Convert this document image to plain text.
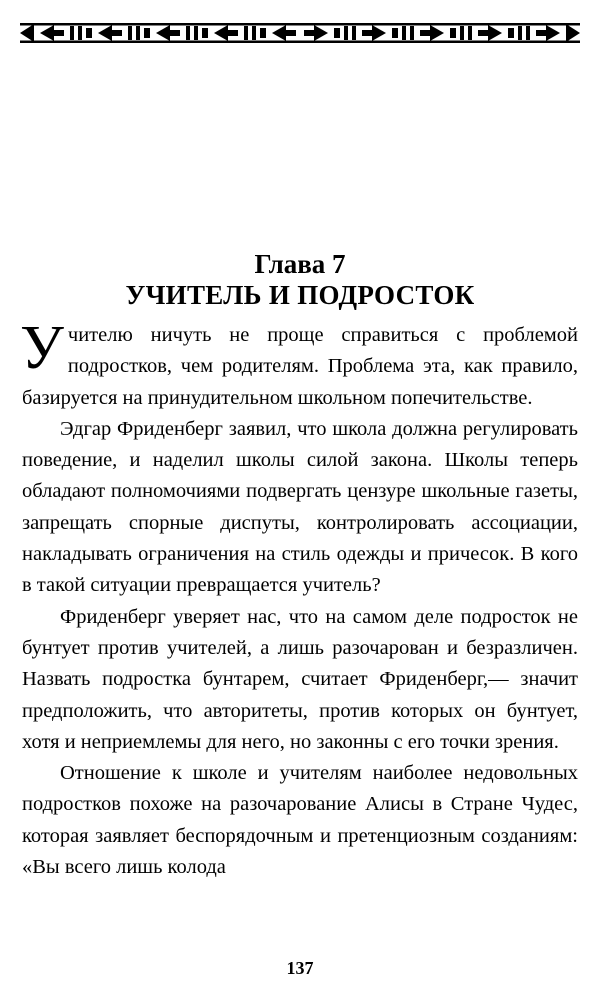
Глава 7
УЧИТЕЛЬ И ПОДРОСТОК

Учителю ничуть не проще справиться с проблемой подростков, чем родителям. Проблема эта, как правило, базируется на принудительном школьном попечительстве.

Эдгар Фриденберг заявил, что школа должна регулировать поведение, и наделил школы силой закона. Школы теперь обладают полномочиями подвергать цензуре школьные газеты, запрещать спорные диспуты, контролировать ассоциации, накладывать ограничения на стиль одежды и причесок. В кого в такой ситуации превращается учитель?

Фриденберг уверяет нас, что на самом деле подросток не бунтует против учителей, а лишь разочарован и безразличен. Назвать подростка бунтарем, считает Фриденберг,— значит предположить, что авторитеты, против которых он бунтует, хотя и неприемлемы для него, но законны с его точки зрения.

Отношение к школе и учителям наиболее недовольных подростков похоже на разочарование Алисы в Стране Чудес, которая заявляет беспорядочным и претенциозным созданиям: «Вы всего лишь колода

137
